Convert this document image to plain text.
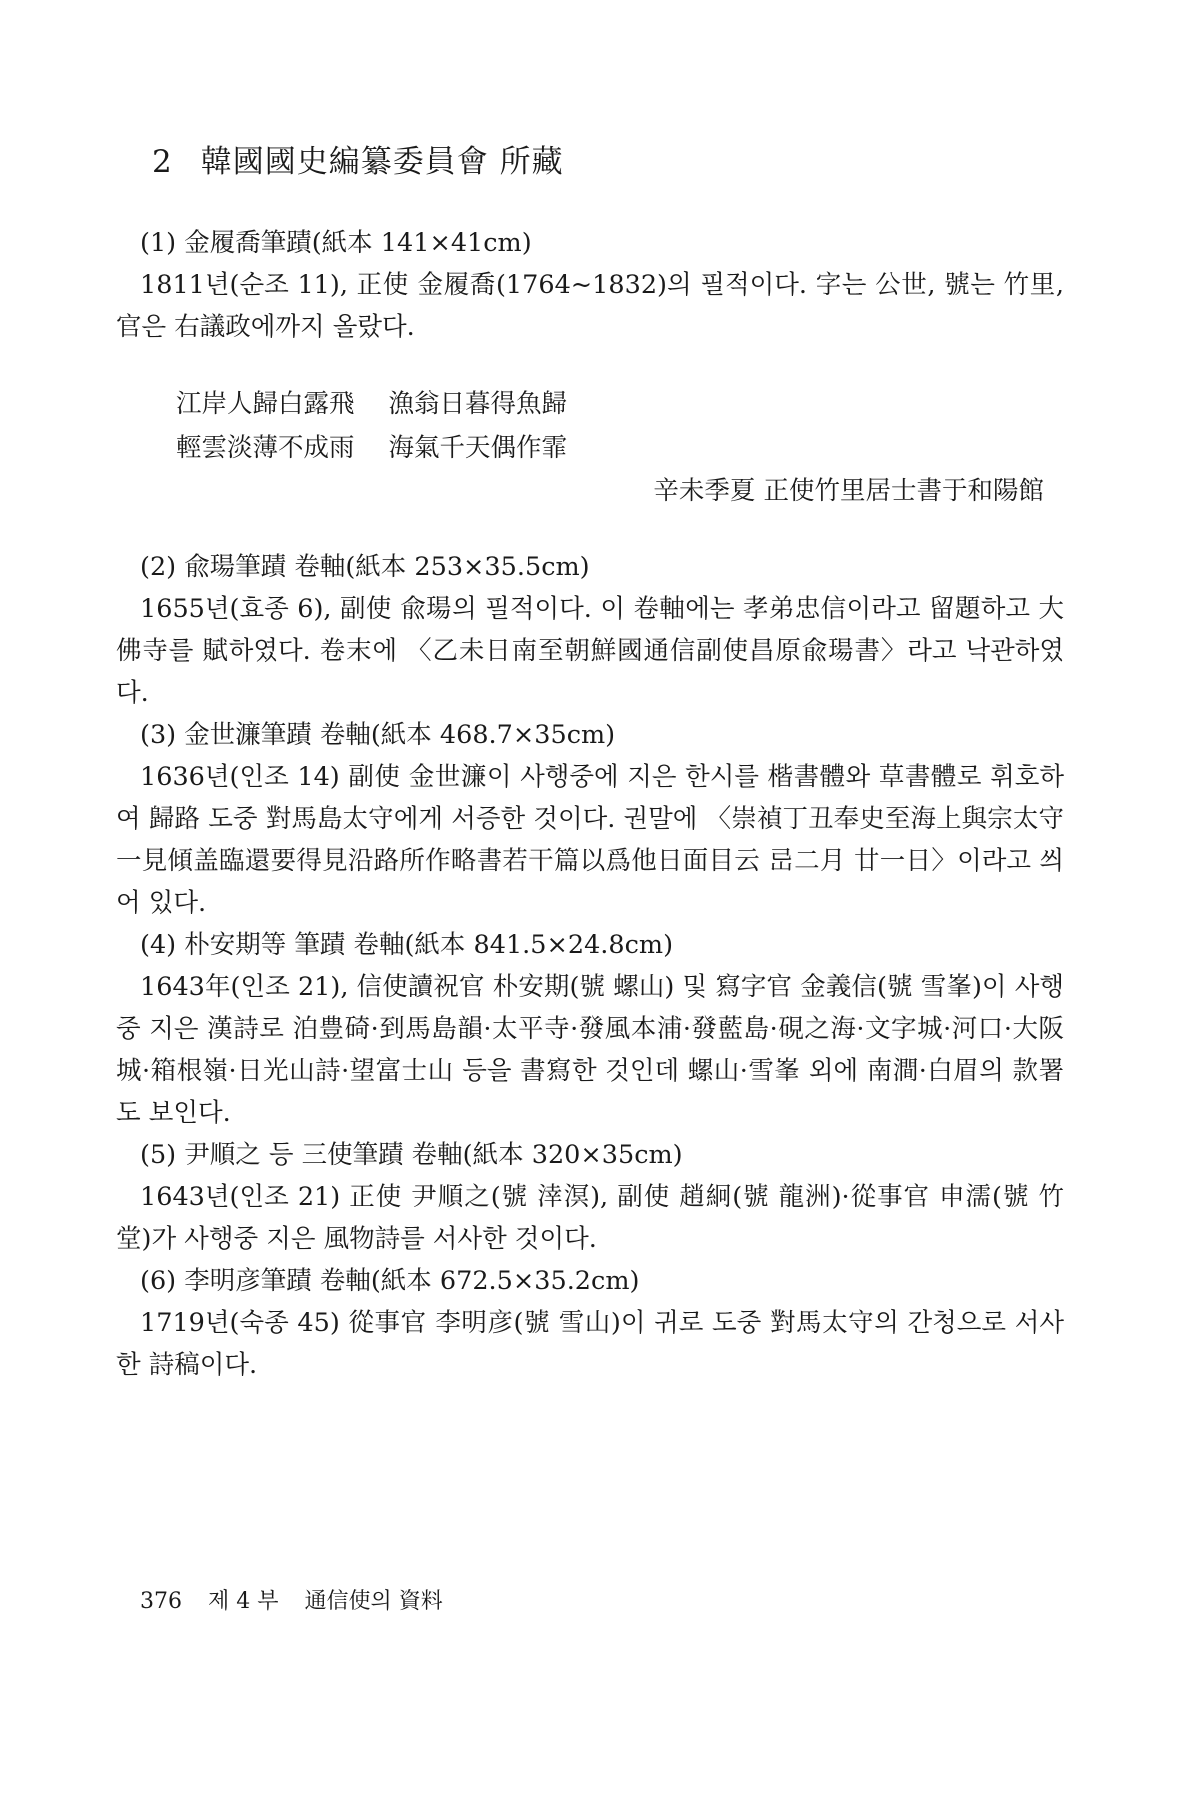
2 韓國國史編纂委員會 所藏
(1) 金履喬筆蹟(紙本 141×41cm)
1811년(순조 11), 正使 金履喬(1764~1832)의 필적이다. 字는 公世, 號는 竹里, 官은 右議政에까지 올랐다.
江岸人歸白露飛 漁翁日暮得魚歸
輕雲淡薄不成雨 海氣千天偶作霏
辛未季夏 正使竹里居士書于和陽館
(2) 兪瑒筆蹟 卷軸(紙本 253×35.5cm)
1655년(효종 6), 副使 兪瑒의 필적이다. 이 卷軸에는 孝弟忠信이라고 留題하고 大佛寺를 賦하였다. 卷末에 〈乙未日南至朝鮮國通信副使昌原兪瑒書〉라고 낙관하였다.
(3) 金世濂筆蹟 卷軸(紙本 468.7×35cm)
1636년(인조 14) 副使 金世濂이 사행중에 지은 한시를 楷書體와 草書體로 휘호하여 歸路 도중 對馬島太守에게 서증한 것이다. 권말에 〈崇禎丁丑奉史至海上與宗太守一見傾盖臨還要得見沿路所作略書若干篇以爲他日面目云 㞯二月 廿一日〉이라고 씌어 있다.
(4) 朴安期等 筆蹟 卷軸(紙本 841.5×24.8cm)
1643年(인조 21), 信使讀祝官 朴安期(號 螺山) 및 寫字官 金義信(號 雪峯)이 사행중 지은 漢詩로 泊豊碕·到馬島韻·太平寺·發風本浦·發藍島·硯之海·文字城·河口·大阪城·箱根嶺·日光山詩·望富士山 등을 書寫한 것인데 螺山·雪峯 외에 南澗·白眉의 款署도 보인다.
(5) 尹順之 등 三使筆蹟 卷軸(紙本 320×35cm)
1643년(인조 21) 正使 尹順之(號 涬溟), 副使 趙絅(號 龍洲)·從事官 申濡(號 竹堂)가 사행중 지은 風物詩를 서사한 것이다.
(6) 李明彦筆蹟 卷軸(紙本 672.5×35.2cm)
1719년(숙종 45) 從事官 李明彦(號 雪山)이 귀로 도중 對馬太守의 간청으로 서사한 詩稿이다.
376 제 4 부 通信使의 資料
